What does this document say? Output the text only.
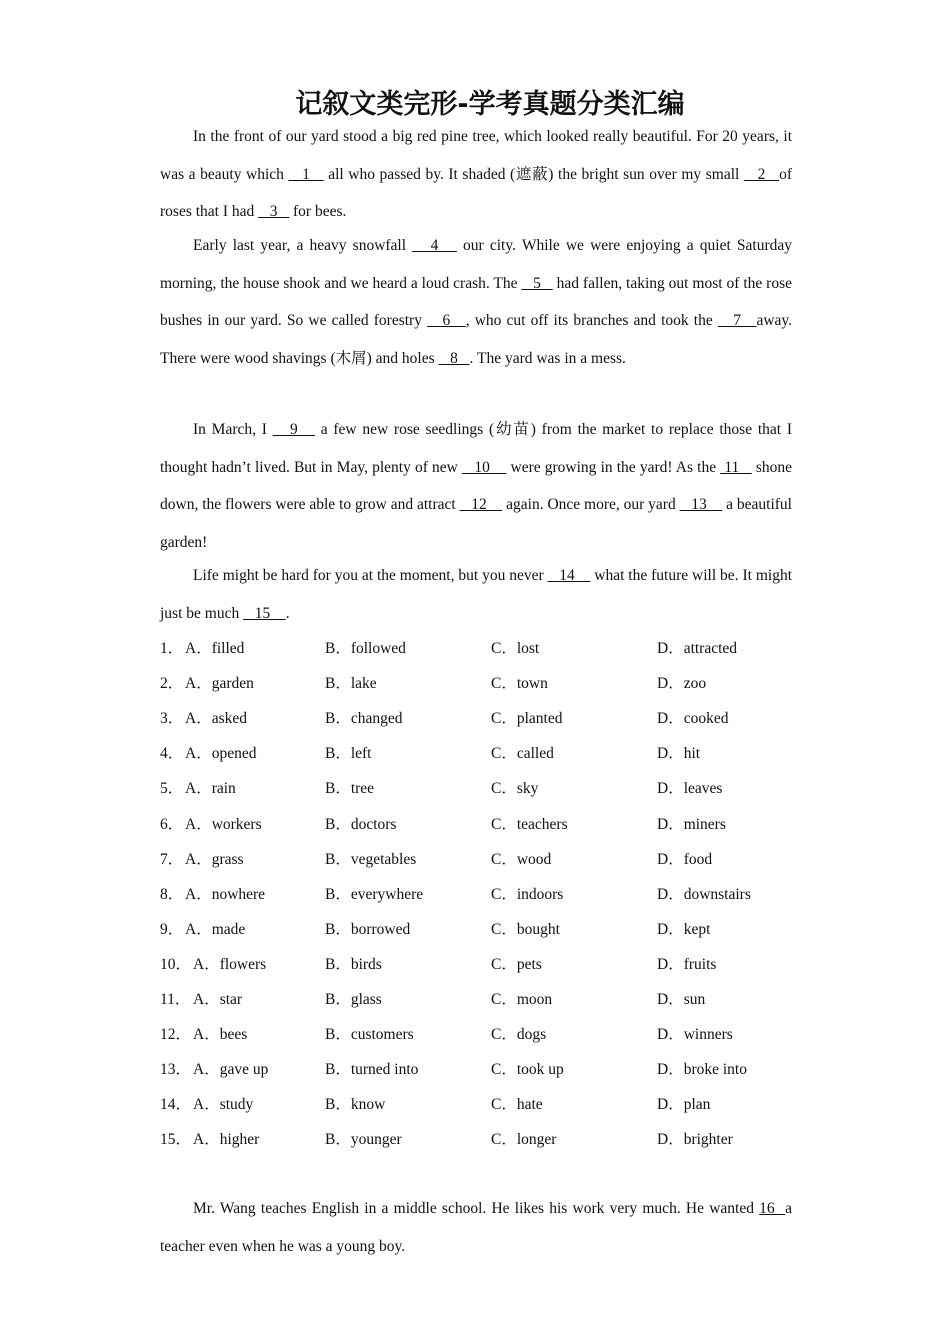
记叙文类完形-学考真题分类汇编
In the front of our yard stood a big red pine tree, which looked really beautiful. For 20 years, it was a beauty which    1    all who passed by. It shaded (遮蔽) the bright sun over my small    2   of roses that I had    3    for bees.
Early last year, a heavy snowfall    4    our city. While we were enjoying a quiet Saturday morning, the house shook and we heard a loud crash. The    5    had fallen, taking out most of the rose bushes in our yard. So we called forestry    6   , who cut off its branches and took the    7   away. There were wood shavings (木屑) and holes    8   . The yard was in a mess.
In March, I    9    a few new rose seedlings (幼苗) from the market to replace those that I thought hadn’t lived. But in May, plenty of new    10     were growing in the yard! As the  11    shone down, the flowers were able to grow and attract    12     again. Once more, our yard    13     a beautiful garden!
Life might be hard for you at the moment, but you never    14     what the future will be. It might just be much    15    .
1． A．filled	B．followed	C．lost	D．attracted
2． A．garden	B．lake	C．town	D．zoo
3． A．asked	B．changed	C．planted	D．cooked
4． A．opened	B．left	C．called	D．hit
5． A．rain	B．tree	C．sky	D．leaves
6． A．workers	B．doctors	C．teachers	D．miners
7． A．grass	B．vegetables	C．wood	D．food
8． A．nowhere	B．everywhere	C．indoors	D．downstairs
9． A．made	B．borrowed	C．bought	D．kept
10． A．flowers	B．birds	C．pets	D．fruits
11． A．star	B．glass	C．moon	D．sun
12． A．bees	B．customers	C．dogs	D．winners
13． A．gave up	B．turned into	C．took up	D．broke into
14． A．study	B．know	C．hate	D．plan
15． A．higher	B．younger	C．longer	D．brighter
Mr. Wang teaches English in a middle school. He likes his work very much. He wanted 16  a teacher even when he was a young boy.
